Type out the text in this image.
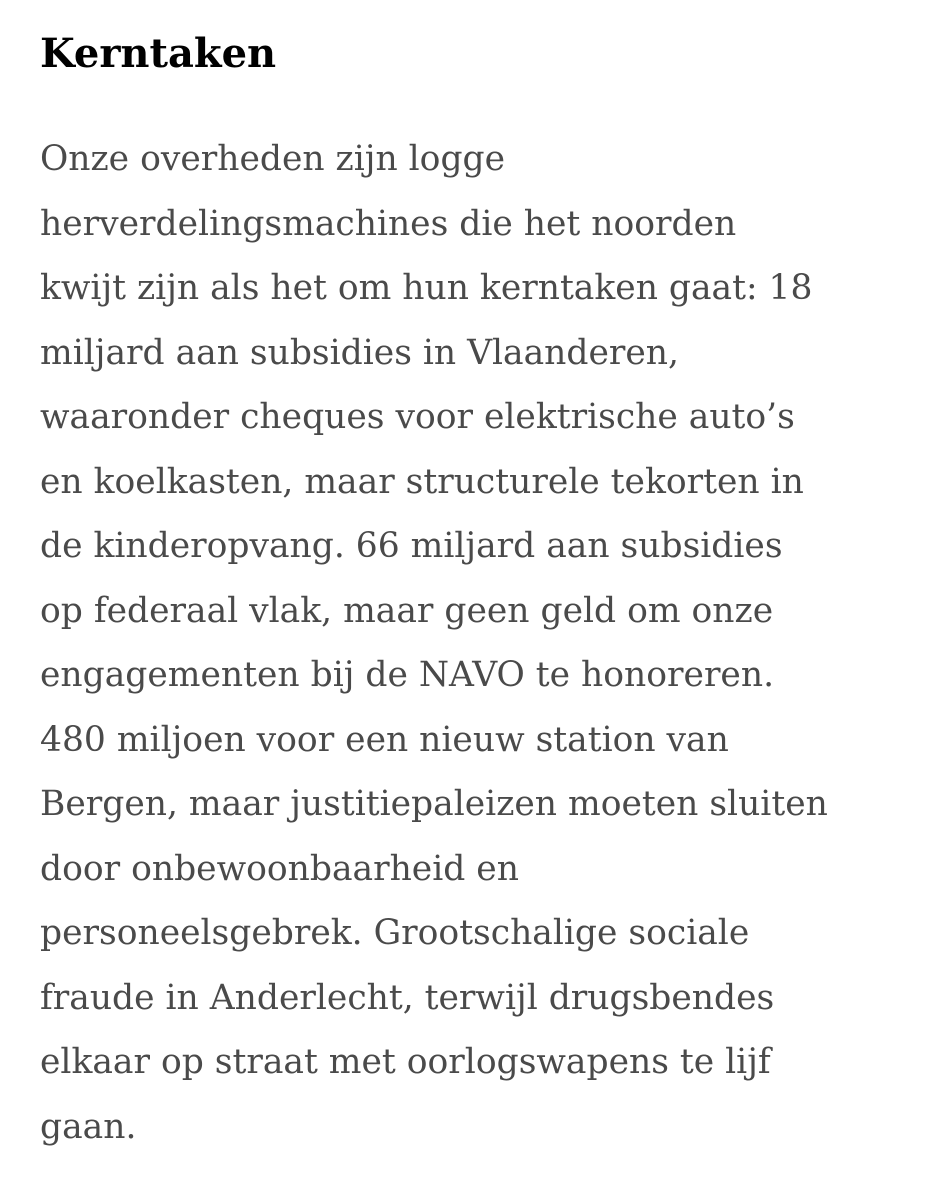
Kerntaken

Onze overheden zijn logge
herverdelingsmachines die het noorden
kwijt zijn als het om hun kerntaken gaat: 18
miljard aan subsidies in Vlaanderen,
waaronder cheques voor elektrische auto’s
en koelkasten, maar structurele tekorten in
de kinderopvang. 66 miljard aan subsidies
op federaal vlak, maar geen geld om onze
engagementen bij de NAVO te honoreren.
480 miljoen voor een nieuw station van
Bergen, maar justitiepaleizen moeten sluiten
door onbewoonbaarheid en
personeelsgebrek. Grootschalige sociale
fraude in Anderlecht, terwijl drugsbendes
elkaar op straat met oorlogswapens te lijf
gaan.
